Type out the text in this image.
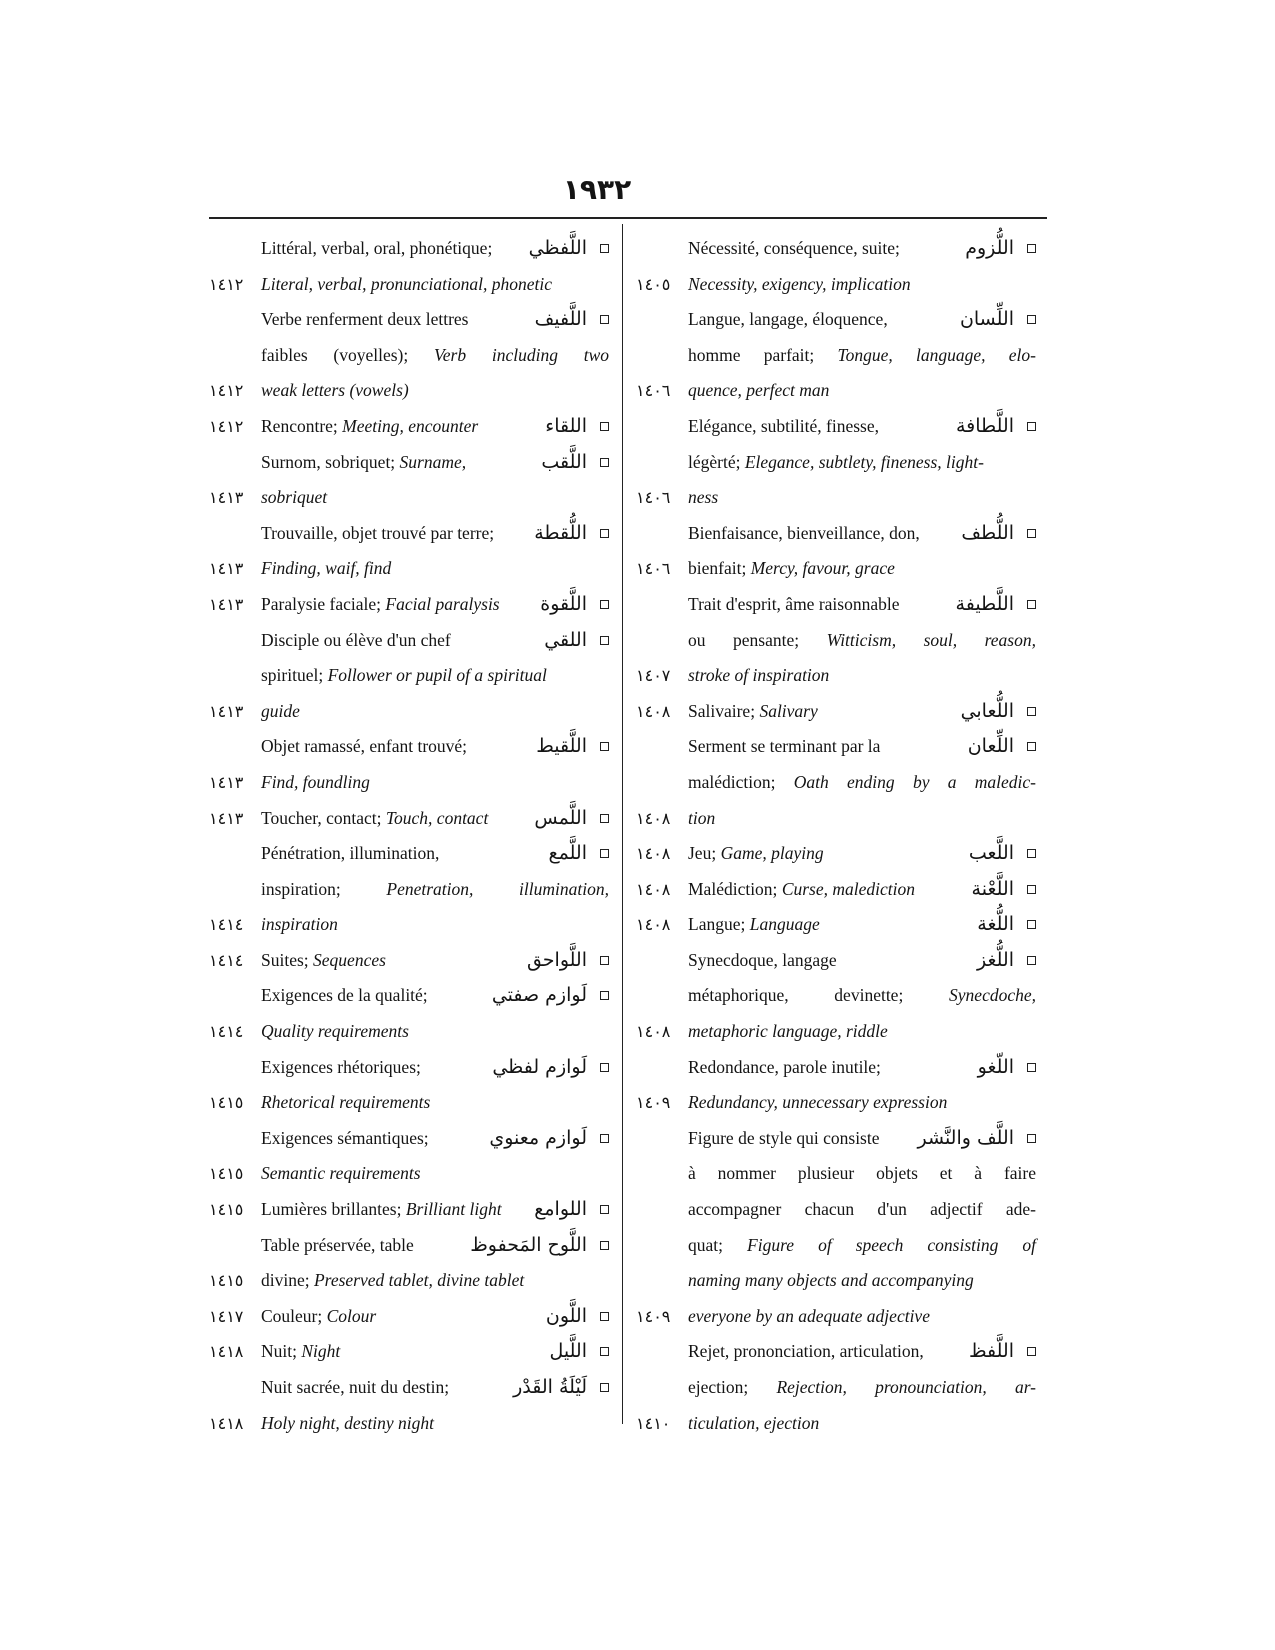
١٩٣٢
Littéral, verbal, oral, phonétique;	اللَّفظي
١٤١٢	Literal, verbal, pronunciational, phonetic
Verbe renferment deux lettres	اللَّفيف
faibles (voyelles); Verb including two
١٤١٢	weak letters (vowels)
١٤١٢	Rencontre; Meeting, encounter	اللقاء
Surnom, sobriquet; Surname,	اللَّقب
١٤١٣	sobriquet
Trouvaille, objet trouvé par terre;	اللُّقطة
١٤١٣	Finding, waif, find
١٤١٣	Paralysie faciale; Facial paralysis	اللَّقوة
Disciple ou élève d'un chef	اللقي
spirituel; Follower or pupil of a spiritual
١٤١٣	guide
Objet ramassé, enfant trouvé;	اللَّقيط
١٤١٣	Find, foundling
١٤١٣	Toucher, contact; Touch, contact	اللَّمس
Pénétration, illumination,	اللَّمع
inspiration; Penetration, illumination,
١٤١٤	inspiration
١٤١٤	Suites; Sequences	اللَّواحق
Exigences de la qualité;	لَوازم صفتي
١٤١٤	Quality requirements
Exigences rhétoriques;	لَوازم لفظي
١٤١٥	Rhetorical requirements
Exigences sémantiques;	لَوازم معنوي
١٤١٥	Semantic requirements
١٤١٥	Lumières brillantes; Brilliant light	اللوامع
Table préservée, table	اللَّوح المَحفوظ
١٤١٥	divine; Preserved tablet, divine tablet
١٤١٧	Couleur; Colour	اللَّون
١٤١٨	Nuit; Night	اللَّيل
Nuit sacrée, nuit du destin;	لَيْلَةُ القَدْر
١٤١٨	Holy night, destiny night
Nécessité, conséquence, suite;	اللُّزوم
١٤٠٥	Necessity, exigency, implication
Langue, langage, éloquence,	اللِّسان
homme parfait; Tongue, language, elo-
١٤٠٦	quence, perfect man
Elégance, subtilité, finesse,	اللَّطافة
légèrté; Elegance, subtlety, fineness, light-
١٤٠٦	ness
Bienfaisance, bienveillance, don,	اللُّطف
١٤٠٦	bienfait; Mercy, favour, grace
Trait d'esprit, âme raisonnable	اللَّطيفة
ou pensante; Witticism, soul, reason,
١٤٠٧	stroke of inspiration
١٤٠٨	Salivaire; Salivary	اللُّعابي
Serment se terminant par la	اللِّعان
malédiction; Oath ending by a maledic-
١٤٠٨	tion
١٤٠٨	Jeu; Game, playing	اللَّعب
١٤٠٨	Malédiction; Curse, malediction	اللَّعْنة
١٤٠٨	Langue; Language	اللُّغة
Synecdoque, langage	اللُّغز
métaphorique, devinette; Synecdoche,
١٤٠٨	metaphoric language, riddle
Redondance, parole inutile;	اللّغو
١٤٠٩	Redundancy, unnecessary expression
Figure de style qui consiste	اللَّف والنَّشر
à nommer plusieur objets et à faire
accompagner chacun d'un adjectif ade-
quat; Figure of speech consisting of
naming many objects and accompanying
١٤٠٩	everyone by an adequate adjective
Rejet, prononciation, articulation,	اللَّفظ
ejection; Rejection, pronounciation, ar-
١٤١٠	ticulation, ejection
